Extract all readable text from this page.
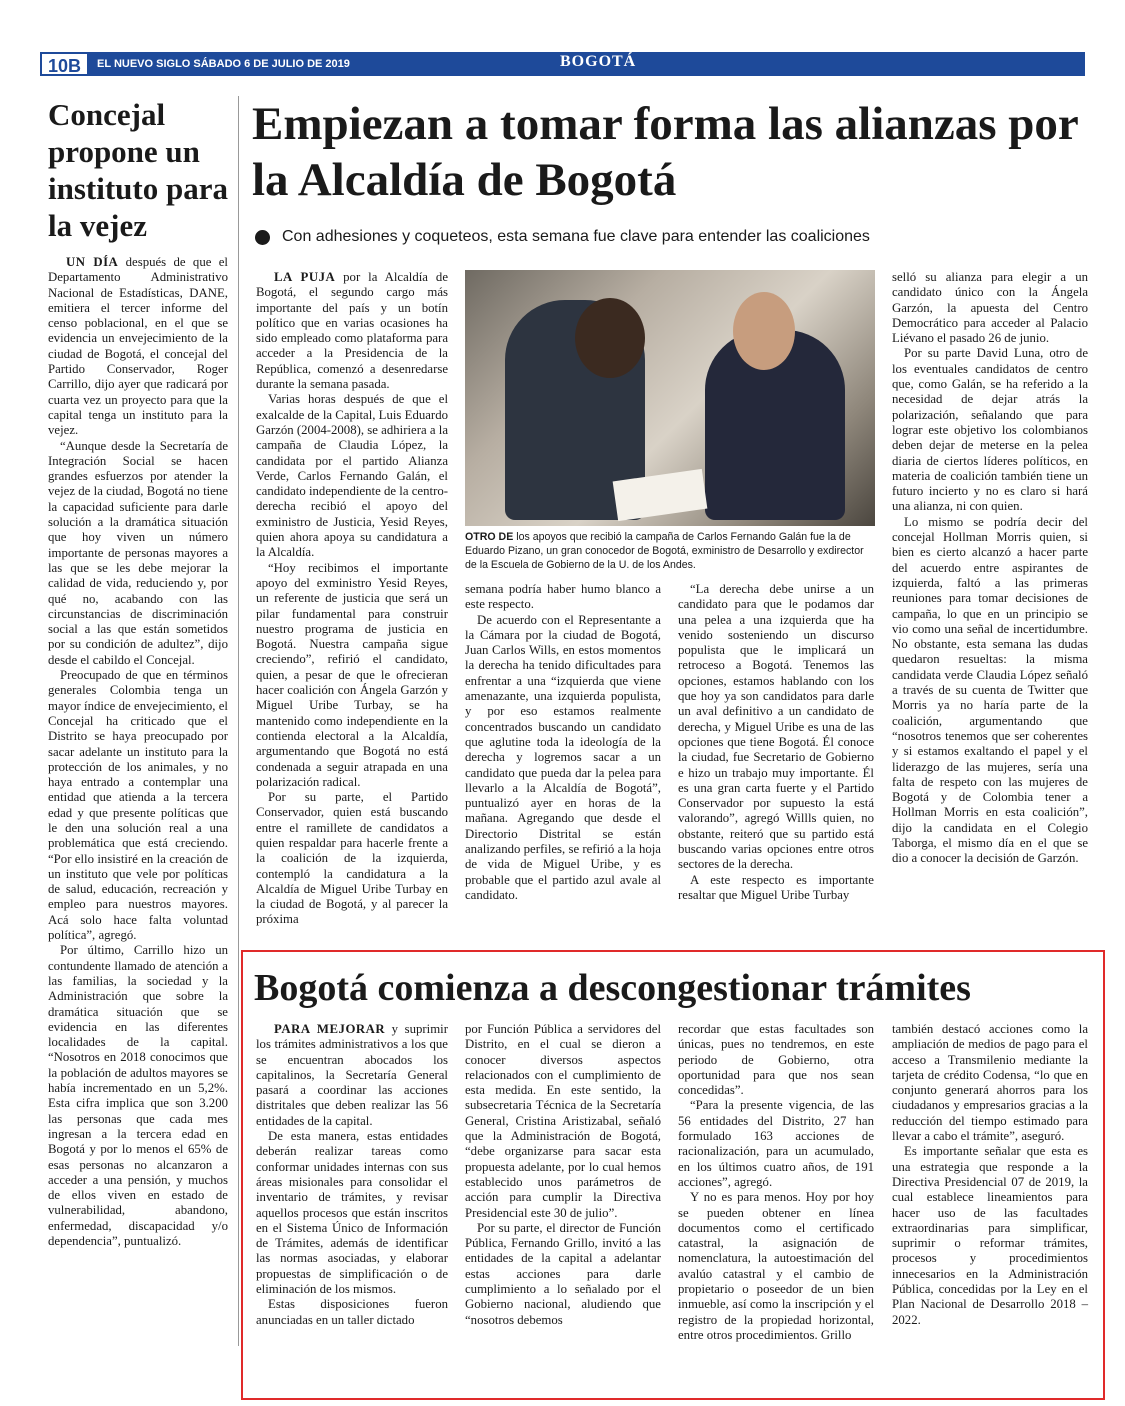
10B	EL NUEVO SIGLO SÁBADO 6 DE JULIO DE 2019	BOGOTÁ
Concejal propone un instituto para la vejez

UN DÍA después de que el Departamento Administrativo Nacional de Estadísticas, DANE, emitiera el tercer informe del censo poblacional, en el que se evidencia un envejecimiento de la ciudad de Bogotá, el concejal del Partido Conservador, Roger Carrillo, dijo ayer que radicará por cuarta vez un proyecto para que la capital tenga un instituto para la vejez.

“Aunque desde la Secretaría de Integración Social se hacen grandes esfuerzos por atender la vejez de la ciudad, Bogotá no tiene la capacidad suficiente para darle solución a la dramática situación que hoy viven un número importante de personas mayores a las que se les debe mejorar la calidad de vida, reduciendo y, por qué no, acabando con las circunstancias de discriminación social a las que están sometidos por su condición de adultez”, dijo desde el cabildo el Concejal.

Preocupado de que en términos generales Colombia tenga un mayor índice de envejecimiento, el Concejal ha criticado que el Distrito se haya preocupado por sacar adelante un instituto para la protección de los animales, y no haya entrado a contemplar una entidad que atienda a la tercera edad y que presente políticas que le den una solución real a una problemática que está creciendo. “Por ello insistiré en la creación de un instituto que vele por políticas de salud, educación, recreación y empleo para nuestros mayores. Acá solo hace falta voluntad política”, agregó.

Por último, Carrillo hizo un contundente llamado de atención a las familias, la sociedad y la Administración que sobre la dramática situación que se evidencia en las diferentes localidades de la capital. “Nosotros en 2018 conocimos que la población de adultos mayores se había incrementado en un 5,2%. Esta cifra implica que son 3.200 las personas que cada mes ingresan a la tercera edad en Bogotá y por lo menos el 65% de esas personas no alcanzaron a acceder a una pensión, y muchos de ellos viven en estado de vulnerabilidad, abandono, enfermedad, discapacidad y/o dependencia”, puntualizó.

Empiezan a tomar forma las alianzas por la Alcaldía de Bogotá
Con adhesiones y coqueteos, esta semana fue clave para entender las coaliciones

LA PUJA por la Alcaldía de Bogotá, el segundo cargo más importante del país y un botín político que en varias ocasiones ha sido empleado como plataforma para acceder a la Presidencia de la República, comenzó a desenredarse durante la semana pasada.

Varias horas después de que el exalcalde de la Capital, Luis Eduardo Garzón (2004-2008), se adhiriera a la campaña de Claudia López, la candidata por el partido Alianza Verde, Carlos Fernando Galán, el candidato independiente de la centro-derecha recibió el apoyo del exministro de Justicia, Yesid Reyes, quien ahora apoya su candidatura a la Alcaldía.

“Hoy recibimos el importante apoyo del exministro Yesid Reyes, un referente de justicia que será un pilar fundamental para construir nuestro programa de justicia en Bogotá. Nuestra campaña sigue creciendo”, refirió el candidato, quien, a pesar de que le ofrecieran hacer coalición con Ángela Garzón y Miguel Uribe Turbay, se ha mantenido como independiente en la contienda electoral a la Alcaldía, argumentando que Bogotá no está condenada a seguir atrapada en una polarización radical.

Por su parte, el Partido Conservador, quien está buscando entre el ramillete de candidatos a quien respaldar para hacerle frente a la coalición de la izquierda, contempló la candidatura a la Alcaldía de Miguel Uribe Turbay en la ciudad de Bogotá, y al parecer la próxima

OTRO DE los apoyos que recibió la campaña de Carlos Fernando Galán fue la de Eduardo Pizano, un gran conocedor de Bogotá, exministro de Desarrollo y exdirector de la Escuela de Gobierno de la U. de los Andes.

semana podría haber humo blanco a este respecto.

De acuerdo con el Representante a la Cámara por la ciudad de Bogotá, Juan Carlos Wills, en estos momentos la derecha ha tenido dificultades para enfrentar a una “izquierda que viene amenazante, una izquierda populista, y por eso estamos realmente concentrados buscando un candidato que aglutine toda la ideología de la derecha y logremos sacar a un candidato que pueda dar la pelea para llevarlo a la Alcaldía de Bogotá”, puntualizó ayer en horas de la mañana. Agregando que desde el Directorio Distrital se están analizando perfiles, se refirió a la hoja de vida de Miguel Uribe, y es probable que el partido azul avale al candidato.

“La derecha debe unirse a un candidato para que le podamos dar una pelea a una izquierda que ha venido sosteniendo un discurso populista que le implicará un retroceso a Bogotá. Tenemos las opciones, estamos hablando con los que hoy ya son candidatos para darle un aval definitivo a un candidato de derecha, y Miguel Uribe es una de las opciones que tiene Bogotá. Él conoce la ciudad, fue Secretario de Gobierno e hizo un trabajo muy importante. Él es una gran carta fuerte y el Partido Conservador por supuesto la está valorando”, agregó Willls quien, no obstante, reiteró que su partido está buscando varias opciones entre otros sectores de la derecha.

A este respecto es importante resaltar que Miguel Uribe Turbay

selló su alianza para elegir a un candidato único con la Ángela Garzón, la apuesta del Centro Democrático para acceder al Palacio Liévano el pasado 26 de junio.

Por su parte David Luna, otro de los eventuales candidatos de centro que, como Galán, se ha referido a la necesidad de dejar atrás la polarización, señalando que para lograr este objetivo los colombianos deben dejar de meterse en la pelea diaria de ciertos líderes políticos, en materia de coalición también tiene un futuro incierto y no es claro si hará una alianza, ni con quien.

Lo mismo se podría decir del concejal Hollman Morris quien, si bien es cierto alcanzó a hacer parte del acuerdo entre aspirantes de izquierda, faltó a las primeras reuniones para tomar decisiones de campaña, lo que en un principio se vio como una señal de incertidumbre. No obstante, esta semana las dudas quedaron resueltas: la misma candidata verde Claudia López señaló a través de su cuenta de Twitter que Morris ya no haría parte de la coalición, argumentando que “nosotros tenemos que ser coherentes y si estamos exaltando el papel y el liderazgo de las mujeres, sería una falta de respeto con las mujeres de Bogotá y de Colombia tener a Hollman Morris en esta coalición”, dijo la candidata en el Colegio Taborga, el mismo día en el que se dio a conocer la decisión de Garzón.

Bogotá comienza a descongestionar trámites

PARA MEJORAR y suprimir los trámites administrativos a los que se encuentran abocados los capitalinos, la Secretaría General pasará a coordinar las acciones distritales que deben realizar las 56 entidades de la capital.

De esta manera, estas entidades deberán realizar tareas como conformar unidades internas con sus áreas misionales para consolidar el inventario de trámites, y revisar aquellos procesos que están inscritos en el Sistema Único de Información de Trámites, además de identificar las normas asociadas, y elaborar propuestas de simplificación o de eliminación de los mismos.

Estas disposiciones fueron anunciadas en un taller dictado

por Función Pública a servidores del Distrito, en el cual se dieron a conocer diversos aspectos relacionados con el cumplimiento de esta medida. En este sentido, la subsecretaria Técnica de la Secretaría General, Cristina Aristizabal, señaló que la Administración de Bogotá, “debe organizarse para sacar esta propuesta adelante, por lo cual hemos establecido unos parámetros de acción para cumplir la Directiva Presidencial este 30 de julio”.

Por su parte, el director de Función Pública, Fernando Grillo, invitó a las entidades de la capital a adelantar estas acciones para darle cumplimiento a lo señalado por el Gobierno nacional, aludiendo que “nosotros debemos

recordar que estas facultades son únicas, pues no tendremos, en este periodo de Gobierno, otra oportunidad para que nos sean concedidas”.

“Para la presente vigencia, de las 56 entidades del Distrito, 27 han formulado 163 acciones de racionalización, para un acumulado, en los últimos cuatro años, de 191 acciones”, agregó.

Y no es para menos. Hoy por hoy se pueden obtener en línea documentos como el certificado catastral, la asignación de nomenclatura, la autoestimación del avalúo catastral y el cambio de propietario o poseedor de un bien inmueble, así como la inscripción y el registro de la propiedad horizontal, entre otros procedimientos. Grillo

también destacó acciones como la ampliación de medios de pago para el acceso a Transmilenio mediante la tarjeta de crédito Codensa, “lo que en conjunto generará ahorros para los ciudadanos y empresarios gracias a la reducción del tiempo estimado para llevar a cabo el trámite”, aseguró.

Es importante señalar que esta es una estrategia que responde a la Directiva Presidencial 07 de 2019, la cual establece lineamientos para hacer uso de las facultades extraordinarias para simplificar, suprimir o reformar trámites, procesos y procedimientos innecesarios en la Administración Pública, concedidas por la Ley en el Plan Nacional de Desarrollo 2018 – 2022.
